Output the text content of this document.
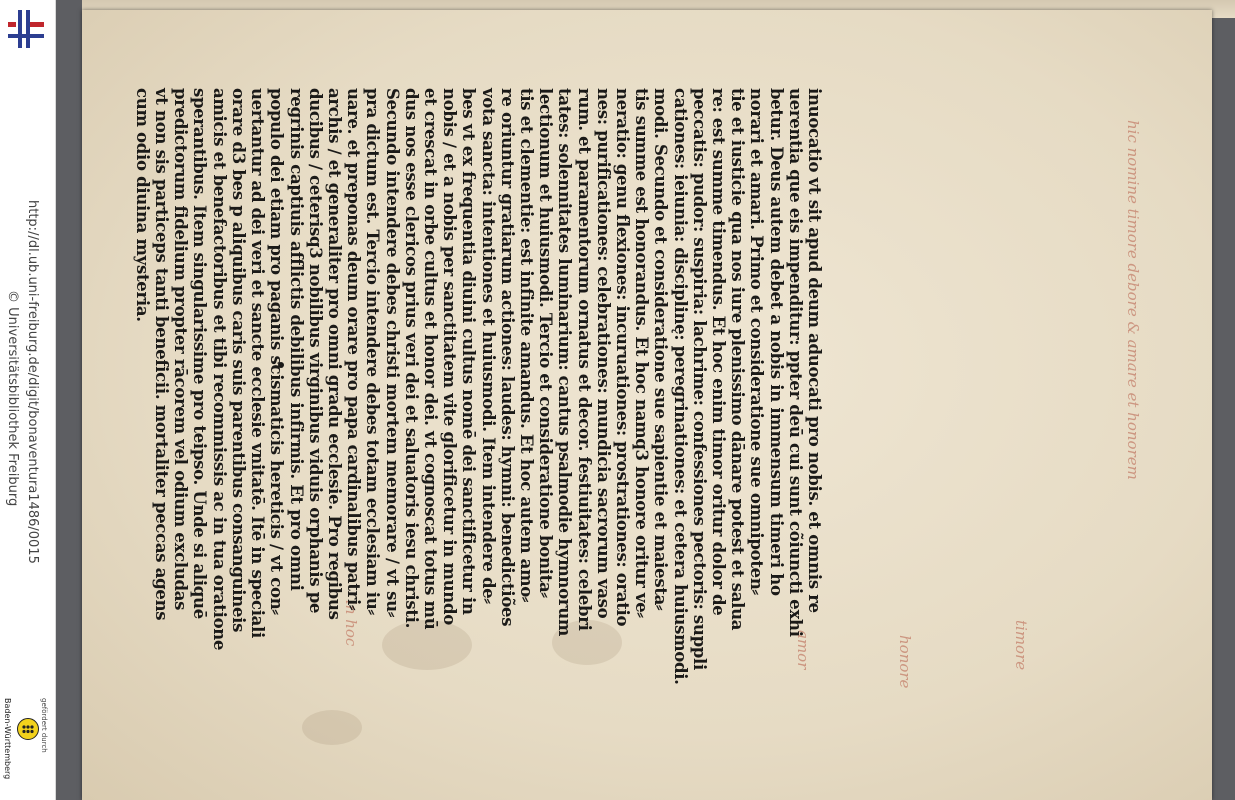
http://dl.ub.uni-freiburg.de/digit/bonaventura1486/0015
© Universitätsbibliothek Freiburg
gefördert durch
Baden-Württemberg
hic nomine timore debore & amare et honorem
timore
honore
amor
in hoc
inuocatio vt sit apud deum aduocati pro nobis. et omnis re
uerentia que eis impenditur: ppter deū cui sunt cõiuncti exhi
betur. Deus autem debet a nobis in immensum timeri ho
norari et amari. Primo et consideratione sue omnipoten⸗
tie et iusticie qua nos iure plenissimo dānare potest et salua
re: est summe timendus. Et hoc enim timor oritur dolor de
peccatis: pudor: suspiria: lachrime: confessiones pectoris: suppli
cationes: ieiunia: disciplinę: peregrinationes: et cetera huiusmodi.
modi. Secundo et consideratione sue sapientie et maiesta⸗
tis summe est honorandus. Et hoc namq3 honore oritur ve⸗
neratio: genu flexiones: incuruationes: prostrationes: oratio
nes: purificationes: celebrationes: mundicia sacrorum vaso
rum. et paramentorum ornatus et decor. festiuitates: celebri
tates: solennitates luminarium: cantus psalmodie hymnorum
lectionum et huiusmodi. Tercio et consideratione bonita⸗
tis et clementie: est infinite amandus. Et hoc autem amo⸗
re oriuntur gratiarum actiones: laudes: hymni: benedictiões
vota sancta: intentiones et huiusmodi. Item intendere de⸗
bes vt ex frequentia diuini cultus nomē dei sanctificetur in
nobis / et a nobis per sanctitatem vite glorificetur in mundo
et crescat in orbe cultus et honor dei. vt cognoscat totus mū
dus nos esse clericos prius veri dei et saluatoris iesu christi.
Secundo intendere debes christi mortem memorare / vt su⸗
pra dictum est. Tercio intendere debes totam ecclesiam iu⸗
uare. et preponas deum orare pro papa cardinalibus patri⸗
archis / et generaliter pro omni gradu ecclesie. Pro regibus
ducibus / ceterisq3 nobilibus virginibus viduis orphanis pe
regrinis captiuis afflictis debilibus infirmis. Et pro omni
populo dei etiam pro paganis scismaticis hereticis / vt con⸗
uertantur ad dei veri et sancte ecclesie vnitatē. Itē in speciali
orare d3 bes p aliquibus caris suis parentibus consanguineis
amicis et benefactoribus et tibi recommissis ac in tua oratione
sperantibus. Item singularissime pro teipso. Unde si aliquē
predictorum fidelium propter rācorem vel odium excludas
vt non sis particeps tanti beneficii. mortaliter peccas agens
cum odio diuina mysteria.
